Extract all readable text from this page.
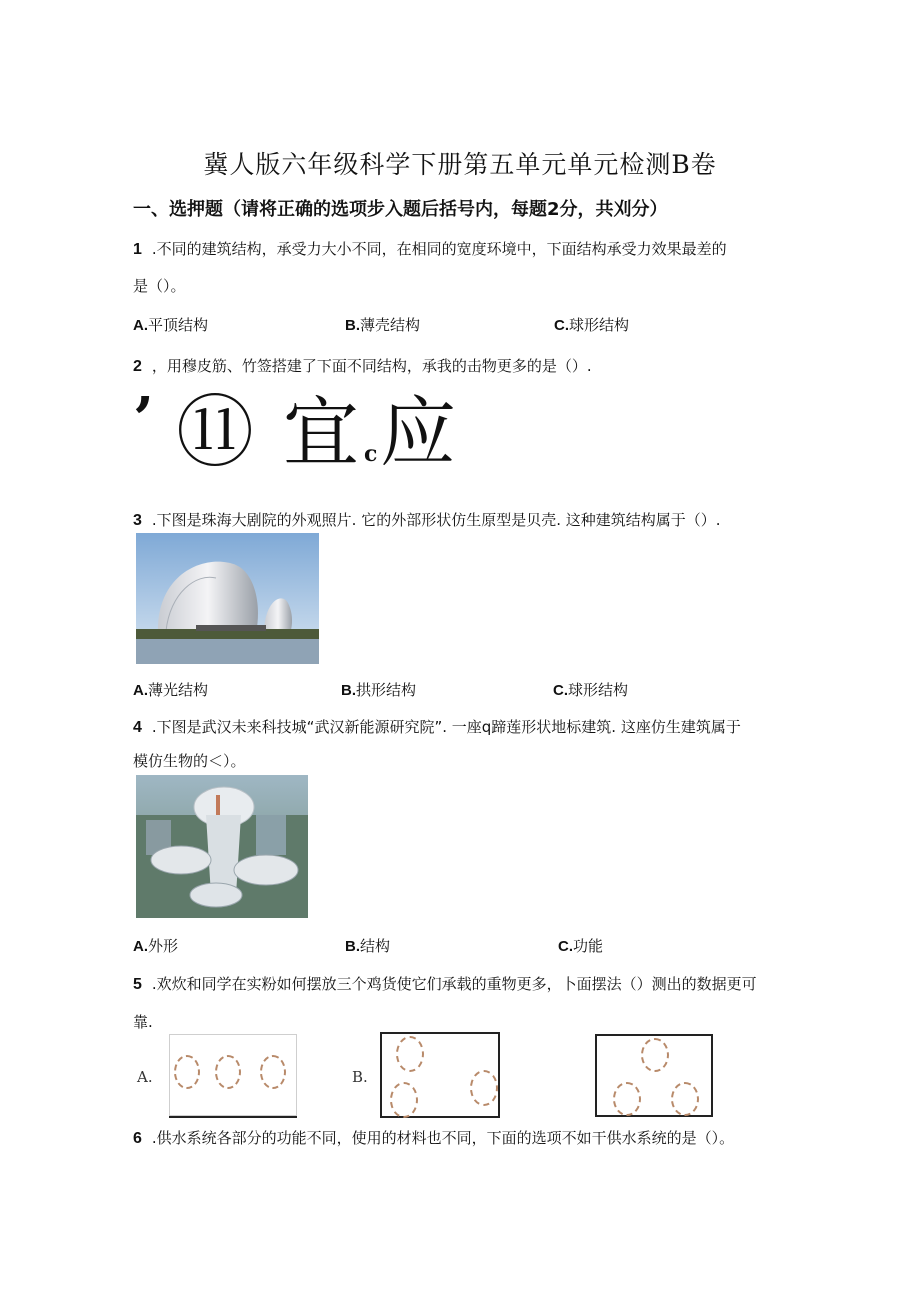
冀人版六年级科学下册第五单元单元检测B卷
一、选押题（请将正确的选项步入题后括号内，每题2分，共刈分）
1 .不同的建筑结构，承受力大小不同，在相同的宽度环境中，下面结构承受力效果最差的
是（）。
A.平顶结构	B.薄壳结构	C.球形结构
2 ，用穆皮筋、竹签搭建了下面不同结构，承我的击物更多的是（）.
’ ⑪ 宜 c 应
3 .下图是珠海大剧院的外观照片. 它的外部形状仿生原型是贝壳. 这种建筑结构属于（）.
A.薄光结构	B.拱形结构	C.球形结构
4 .下图是武汉未来科技城“武汉新能源研究院”. 一座q蹄莲形状地标建筑. 这座仿生建筑属于
模仿生物的＜）。
A.外形	B.结构	C.功能
5 .欢炊和同学在实粉如何摆放三个鸡货使它们承载的重物更多，卜面摆法（）测出的数据更可
靠.
A.	B.
6 .供水系统各部分的功能不同，使用的材料也不同，下面的选项不如干供水系统的是（）。
